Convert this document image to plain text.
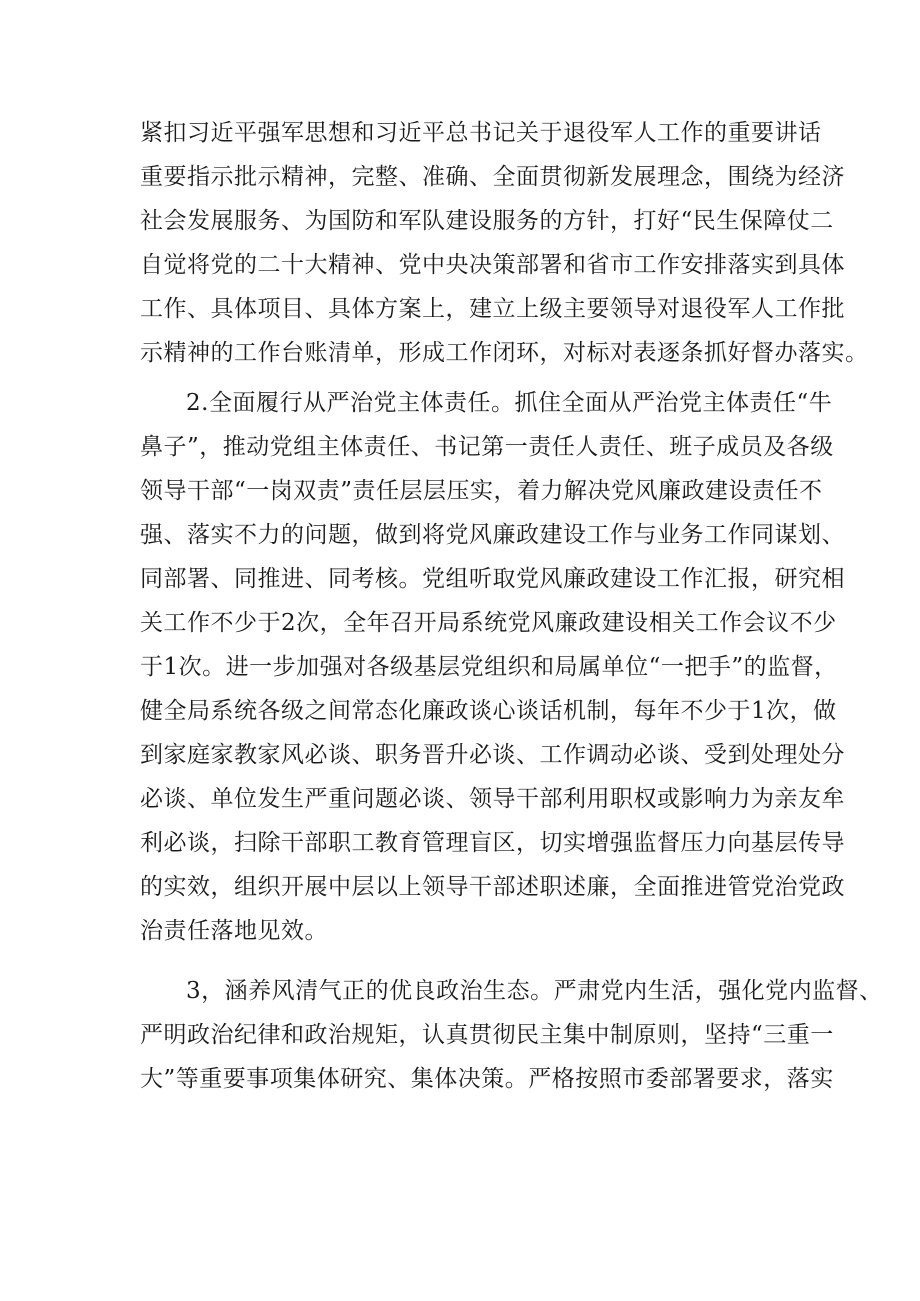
紧扣习近平强军思想和习近平总书记关于退役军人工作的重要讲话
重要指示批示精神，完整、准确、全面贯彻新发展理念，围绕为经济
社会发展服务、为国防和军队建设服务的方针，打好“民生保障仗二
自觉将党的二十大精神、党中央决策部署和省市工作安排落实到具体
工作、具体项目、具体方案上，建立上级主要领导对退役军人工作批
示精神的工作台账清单，形成工作闭环，对标对表逐条抓好督办落实。
2.全面履行从严治党主体责任。抓住全面从严治党主体责任“牛
鼻子”，推动党组主体责任、书记第一责任人责任、班子成员及各级
领导干部“一岗双责”责任层层压实，着力解决党风廉政建设责任不
强、落实不力的问题，做到将党风廉政建设工作与业务工作同谋划、
同部署、同推进、同考核。党组听取党风廉政建设工作汇报，研究相
关工作不少于2次，全年召开局系统党风廉政建设相关工作会议不少
于1次。进一步加强对各级基层党组织和局属单位“一把手”的监督，
健全局系统各级之间常态化廉政谈心谈话机制，每年不少于1次，做
到家庭家教家风必谈、职务晋升必谈、工作调动必谈、受到处理处分
必谈、单位发生严重问题必谈、领导干部利用职权或影响力为亲友牟
利必谈，扫除干部职工教育管理盲区，切实增强监督压力向基层传导
的实效，组织开展中层以上领导干部述职述廉，全面推进管党治党政
治责任落地见效。
3，涵养风清气正的优良政治生态。严肃党内生活，强化党内监督、
严明政治纪律和政治规矩，认真贯彻民主集中制原则，坚持“三重一
大”等重要事项集体研究、集体决策。严格按照市委部署要求，落实
